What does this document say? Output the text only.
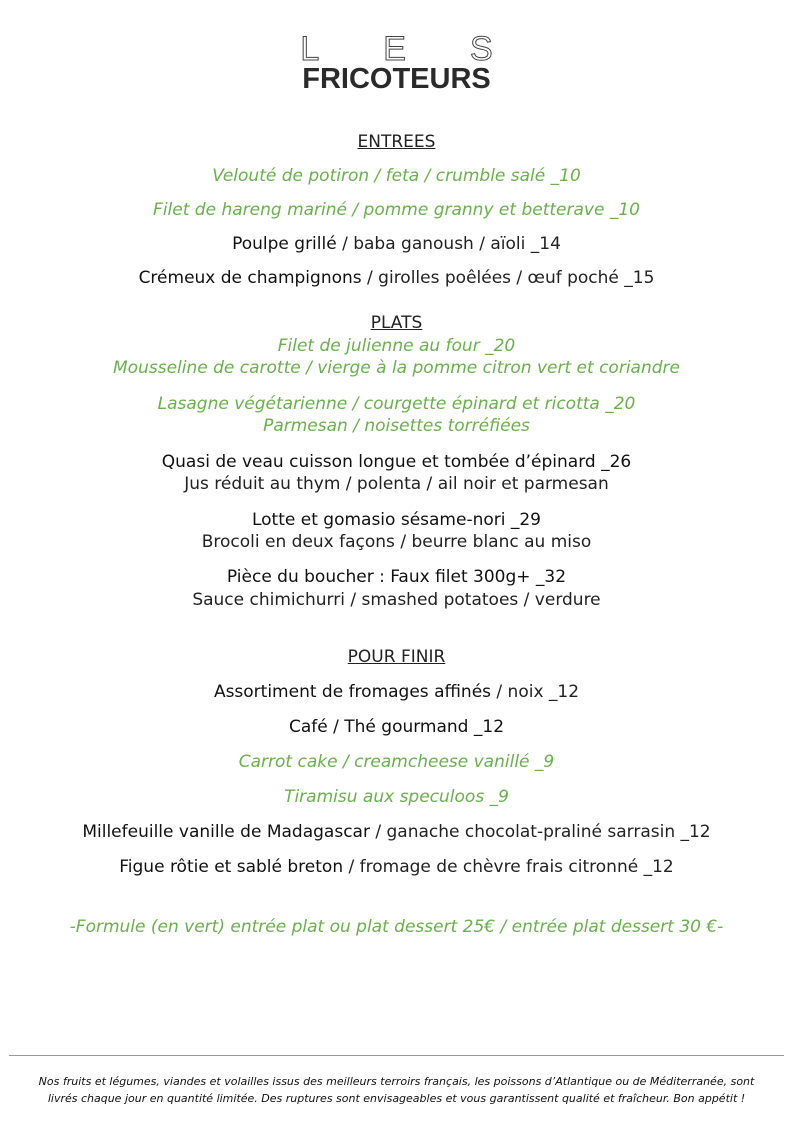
LES
FRICOTEURS
ENTREES
Velouté de potiron / feta / crumble salé _10
Filet de hareng mariné / pomme granny et betterave _10
Poulpe grillé / baba ganoush / aïoli _14
Crémeux de champignons / girolles poêlées / œuf poché _15
PLATS
Filet de julienne au four _20
Mousseline de carotte / vierge à la pomme citron vert et coriandre
Lasagne végétarienne / courgette épinard et ricotta _20
Parmesan / noisettes torréfiées
Quasi de veau cuisson longue et tombée d’épinard _26
Jus réduit au thym / polenta / ail noir et parmesan
Lotte et gomasio sésame-nori _29
Brocoli en deux façons / beurre blanc au miso
Pièce du boucher : Faux filet 300g+ _32
Sauce chimichurri / smashed potatoes / verdure
POUR FINIR
Assortiment de fromages affinés / noix _12
Café / Thé gourmand _12
Carrot cake / creamcheese vanillé _9
Tiramisu aux speculoos _9
Millefeuille vanille de Madagascar / ganache chocolat-praliné sarrasin _12
Figue rôtie et sablé breton / fromage de chèvre frais citronné _12
-Formule (en vert) entrée plat ou plat dessert 25€ / entrée plat dessert 30 €-
Nos fruits et légumes, viandes et volailles issus des meilleurs terroirs français, les poissons d’Atlantique ou de Méditerranée, sont
livrés chaque jour en quantité limitée. Des ruptures sont envisageables et vous garantissent qualité et fraîcheur. Bon appétit !
